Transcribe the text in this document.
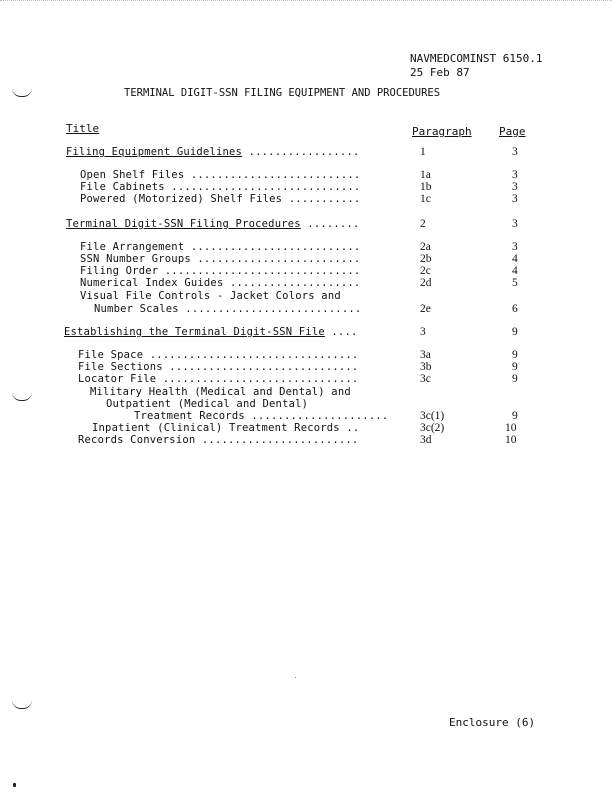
NAVMEDCOMINST 6150.1
25 Feb 87
TERMINAL DIGIT-SSN FILING EQUIPMENT AND PROCEDURES
Title	Paragraph Page
Filing Equipment Guidelines .................	1	3
Open Shelf Files ..........................	1a	3
File Cabinets .............................	1b	3
Powered (Motorized) Shelf Files ...........	1c	3
Terminal Digit-SSN Filing Procedures ........	2	3
File Arrangement ..........................	2a	3
SSN Number Groups .........................	2b	4
Filing Order ..............................	2c	4
Numerical Index Guides ....................	2d	5
Visual File Controls - Jacket Colors and
Number Scales ...........................	2e	6
Establishing the Terminal Digit-SSN File ....	3	9
File Space ................................	3a	9
File Sections .............................	3b	9
Locator File ..............................	3c	9
Military Health (Medical and Dental) and
Outpatient (Medical and Dental)
Treatment Records .....................	3c(1)	9
Inpatient (Clinical) Treatment Records ..	3c(2)	10
Records Conversion ........................	3d	10
Enclosure (6)
